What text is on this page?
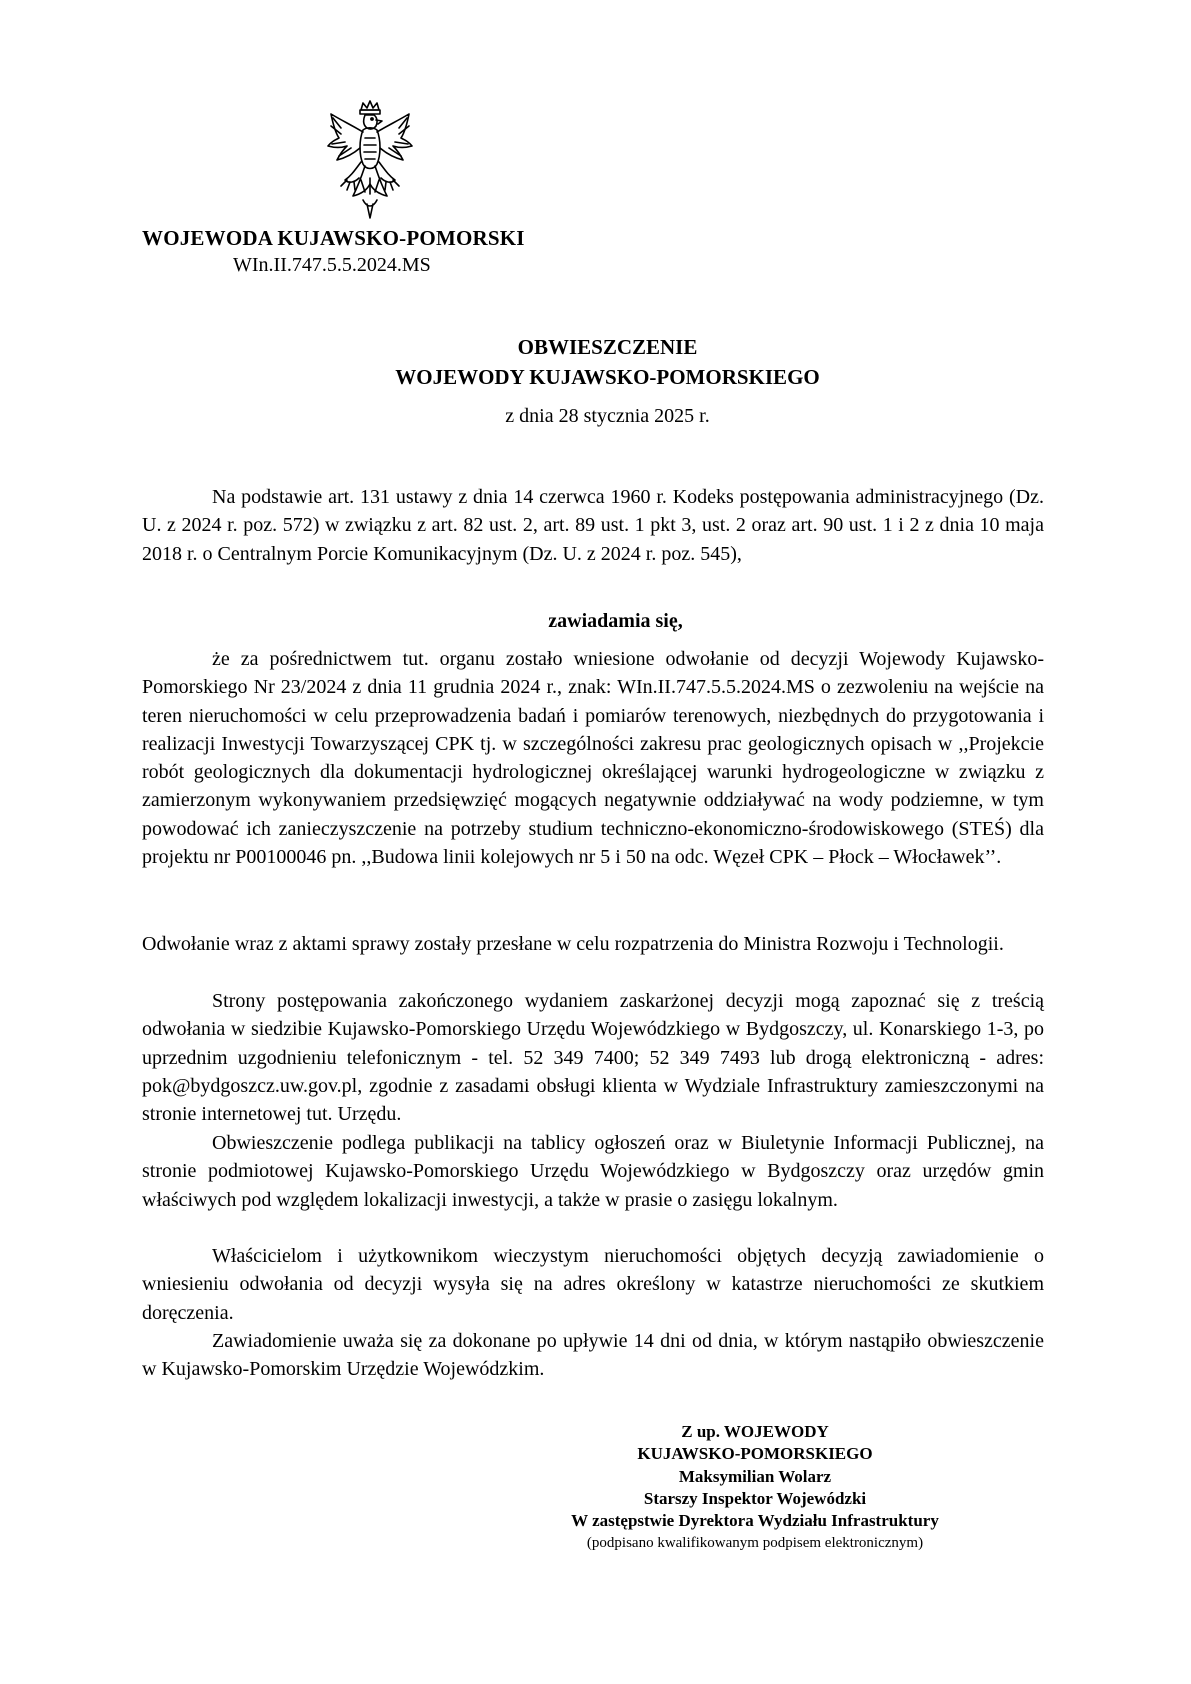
WOJEWODA KUJAWSKO-POMORSKI
WIn.II.747.5.5.2024.MS
OBWIESZCZENIE
WOJEWODY KUJAWSKO-POMORSKIEGO
z dnia 28 stycznia 2025 r.

Na podstawie art. 131 ustawy z dnia 14 czerwca 1960 r. Kodeks postępowania administracyjnego (Dz. U. z 2024 r. poz. 572) w związku z art. 82 ust. 2, art. 89 ust. 1 pkt 3, ust. 2 oraz art. 90 ust. 1 i 2 z dnia 10 maja 2018 r. o Centralnym Porcie Komunikacyjnym (Dz. U. z 2024 r. poz. 545),

zawiadamia się,

że za pośrednictwem tut. organu zostało wniesione odwołanie od decyzji Wojewody Kujawsko-Pomorskiego Nr 23/2024 z dnia 11 grudnia 2024 r., znak: WIn.II.747.5.5.2024.MS o zezwoleniu na wejście na teren nieruchomości w celu przeprowadzenia badań i pomiarów terenowych, niezbędnych do przygotowania i realizacji Inwestycji Towarzyszącej CPK tj. w szczególności zakresu prac geologicznych opisach w ,,Projekcie robót geologicznych dla dokumentacji hydrologicznej określającej warunki hydrogeologiczne w związku z zamierzonym wykonywaniem przedsięwzięć mogących negatywnie oddziaływać na wody podziemne, w tym powodować ich zanieczyszczenie na potrzeby studium techniczno-ekonomiczno-środowiskowego (STEŚ) dla projektu nr P00100046 pn. ,,Budowa linii kolejowych nr 5 i 50 na odc. Węzeł CPK – Płock – Włocławek’’.

Odwołanie wraz z aktami sprawy zostały przesłane w celu rozpatrzenia do Ministra Rozwoju i Technologii.

Strony postępowania zakończonego wydaniem zaskarżonej decyzji mogą zapoznać się z treścią odwołania w siedzibie Kujawsko-Pomorskiego Urzędu Wojewódzkiego w Bydgoszczy, ul. Konarskiego 1-3, po uprzednim uzgodnieniu telefonicznym - tel. 52 349 7400; 52 349 7493 lub drogą elektroniczną - adres: pok@bydgoszcz.uw.gov.pl, zgodnie z zasadami obsługi klienta w Wydziale Infrastruktury zamieszczonymi na stronie internetowej tut. Urzędu.

Obwieszczenie podlega publikacji na tablicy ogłoszeń oraz w Biuletynie Informacji Publicznej, na stronie podmiotowej Kujawsko-Pomorskiego Urzędu Wojewódzkiego w Bydgoszczy oraz urzędów gmin właściwych pod względem lokalizacji inwestycji, a także w prasie o zasięgu lokalnym.

Właścicielom i użytkownikom wieczystym nieruchomości objętych decyzją zawiadomienie o wniesieniu odwołania od decyzji wysyła się na adres określony w katastrze nieruchomości ze skutkiem doręczenia.

Zawiadomienie uważa się za dokonane po upływie 14 dni od dnia, w którym nastąpiło obwieszczenie w Kujawsko-Pomorskim Urzędzie Wojewódzkim.

Z up. WOJEWODY
KUJAWSKO-POMORSKIEGO
Maksymilian Wolarz
Starszy Inspektor Wojewódzki
W zastępstwie Dyrektora Wydziału Infrastruktury
(podpisano kwalifikowanym podpisem elektronicznym)
